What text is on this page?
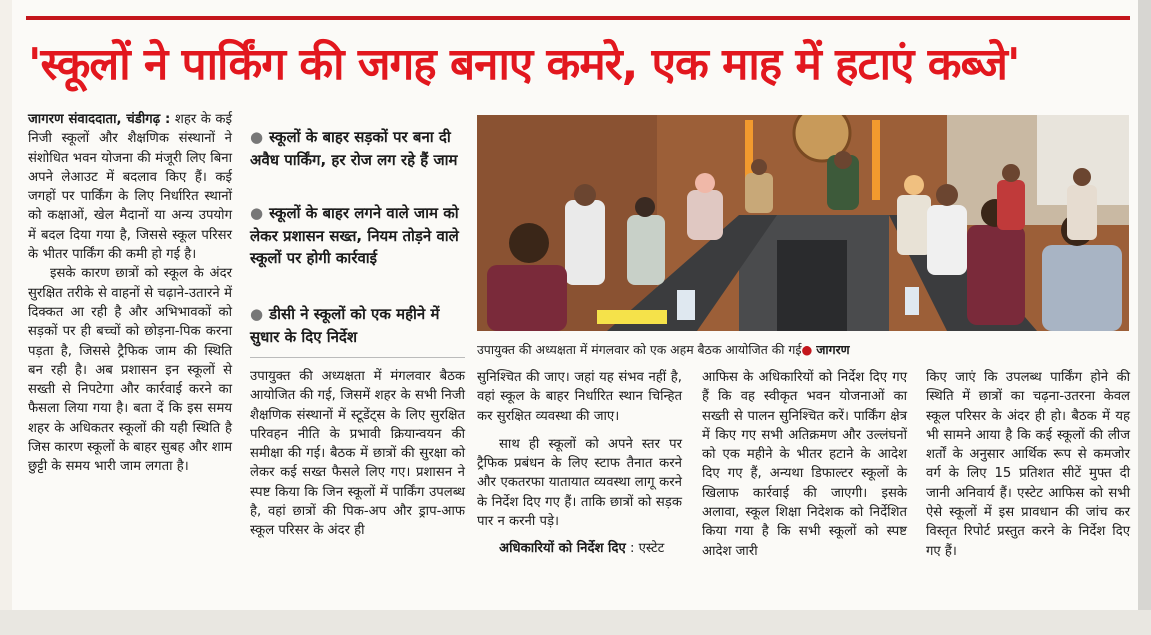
'स्कूलों ने पार्किंग की जगह बनाए कमरे, एक माह में हटाएं कब्जे'

जागरण संवाददाता, चंडीगढ़ : शहर के कई निजी स्कूलों और शैक्षणिक संस्थानों ने संशोधित भवन योजना की मंजूरी लिए बिना अपने लेआउट में बदलाव किए हैं। कई जगहों पर पार्किंग के लिए निर्धारित स्थानों को कक्षाओं, खेल मैदानों या अन्य उपयोग में बदल दिया गया है, जिससे स्कूल परिसर के भीतर पार्किंग की कमी हो गई है।

इसके कारण छात्रों को स्कूल के अंदर सुरक्षित तरीके से वाहनों से चढ़ाने-उतारने में दिक्कत आ रही है और अभिभावकों को सड़कों पर ही बच्चों को छोड़ना-पिक करना पड़ता है, जिससे ट्रैफिक जाम की स्थिति बन रही है। अब प्रशासन इन स्कूलों से सख्ती से निपटेगा और कार्रवाई करने का फैसला लिया गया है। बता दें कि इस समय शहर के अधिकतर स्कूलों की यही स्थिति है जिस कारण स्कूलों के बाहर सुबह और शाम छुट्टी के समय भारी जाम लगता है।

● स्कूलों के बाहर सड़कों पर बना दी अवैध पार्किंग, हर रोज लग रहे हैं जाम
● स्कूलों के बाहर लगने वाले जाम को लेकर प्रशासन सख्त, नियम तोड़ने वाले स्कूलों पर होगी कार्रवाई
● डीसी ने स्कूलों को एक महीने में सुधार के दिए निर्देश

उपायुक्त की अध्यक्षता में मंगलवार बैठक आयोजित की गई, जिसमें शहर के सभी निजी शैक्षणिक संस्थानों में स्टूडेंट्स के लिए सुरक्षित परिवहन नीति के प्रभावी क्रियान्वयन की समीक्षा की गई। बैठक में छात्रों की सुरक्षा को लेकर कई सख्त फैसले लिए गए। प्रशासन ने स्पष्ट किया कि जिन स्कूलों में पार्किंग उपलब्ध है, वहां छात्रों की पिक-अप और ड्राप-आफ स्कूल परिसर के अंदर ही

उपायुक्त की अध्यक्षता में मंगलवार को एक अहम बैठक आयोजित की गई● जागरण

सुनिश्चित की जाए। जहां यह संभव नहीं है, वहां स्कूल के बाहर निर्धारित स्थान चिन्हित कर सुरक्षित व्यवस्था की जाए।

साथ ही स्कूलों को अपने स्तर पर ट्रैफिक प्रबंधन के लिए स्टाफ तैनात करने और एकतरफा यातायात व्यवस्था लागू करने के निर्देश दिए गए हैं। ताकि छात्रों को सड़क पार न करनी पड़े।

अधिकारियों को निर्देश दिए : एस्टेट

आफिस के अधिकारियों को निर्देश दिए गए हैं कि वह स्वीकृत भवन योजनाओं का सख्ती से पालन सुनिश्चित करें। पार्किंग क्षेत्र में किए गए सभी अतिक्रमण और उल्लंघनों को एक महीने के भीतर हटाने के आदेश दिए गए हैं, अन्यथा डिफाल्टर स्कूलों के खिलाफ कार्रवाई की जाएगी। इसके अलावा, स्कूल शिक्षा निदेशक को निर्देशित किया गया है कि सभी स्कूलों को स्पष्ट आदेश जारी

किए जाएं कि उपलब्ध पार्किंग होने की स्थिति में छात्रों का चढ़ना-उतरना केवल स्कूल परिसर के अंदर ही हो। बैठक में यह भी सामने आया है कि कई स्कूलों की लीज शर्तों के अनुसार आर्थिक रूप से कमजोर वर्ग के लिए 15 प्रतिशत सीटें मुफ्त दी जानी अनिवार्य हैं। एस्टेट आफिस को सभी ऐसे स्कूलों में इस प्रावधान की जांच कर विस्तृत रिपोर्ट प्रस्तुत करने के निर्देश दिए गए हैं।
